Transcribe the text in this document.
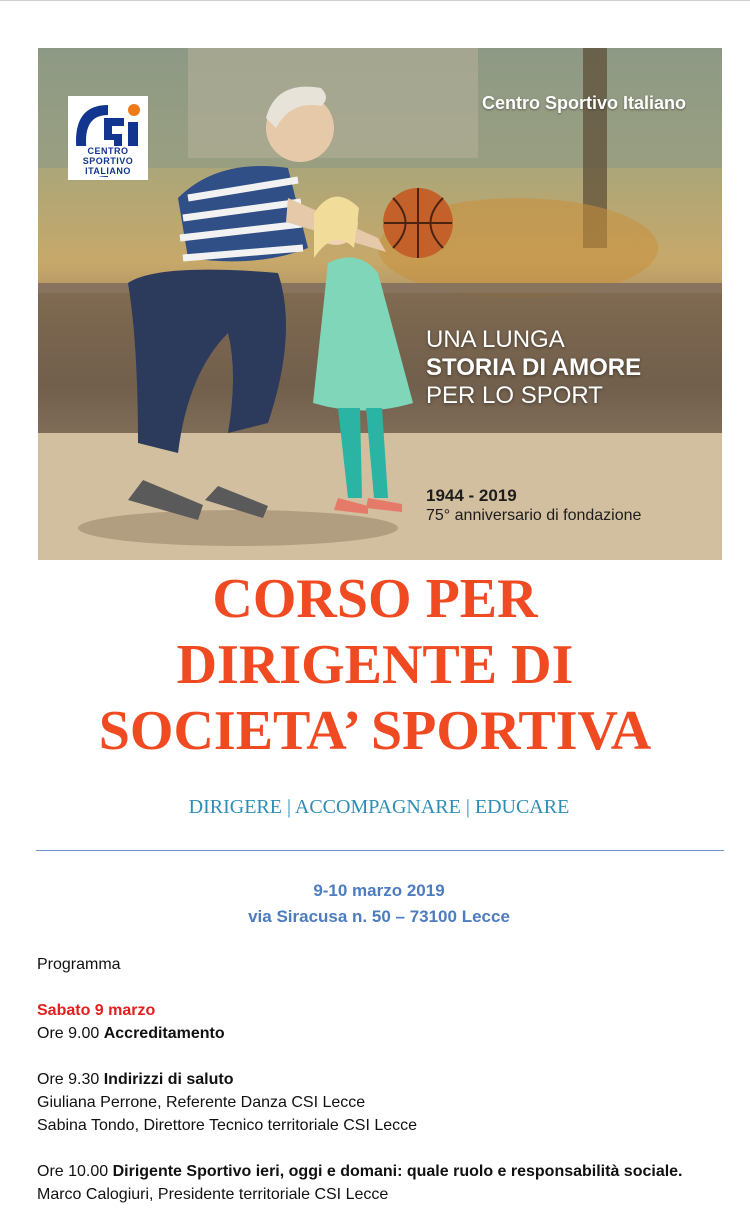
CENTRO
SPORTIVO
ITALIANO
Centro Sportivo Italiano
UNA LUNGA
STORIA DI AMORE
PER LO SPORT
1944 - 2019
75° anniversario di fondazione
CORSO PER
DIRIGENTE DI
SOCIETA’ SPORTIVA
DIRIGERE | ACCOMPAGNARE | EDUCARE
9-10 marzo 2019
via Siracusa n. 50 – 73100 Lecce

Programma

Sabato 9 marzo

Ore 9.00 Accreditamento

Ore 9.30 Indirizzi di saluto

Giuliana Perrone, Referente Danza CSI Lecce

Sabina Tondo, Direttore Tecnico territoriale CSI Lecce

Ore 10.00 Dirigente Sportivo ieri, oggi e domani: quale ruolo e responsabilità sociale.

Marco Calogiuri, Presidente territoriale CSI Lecce
